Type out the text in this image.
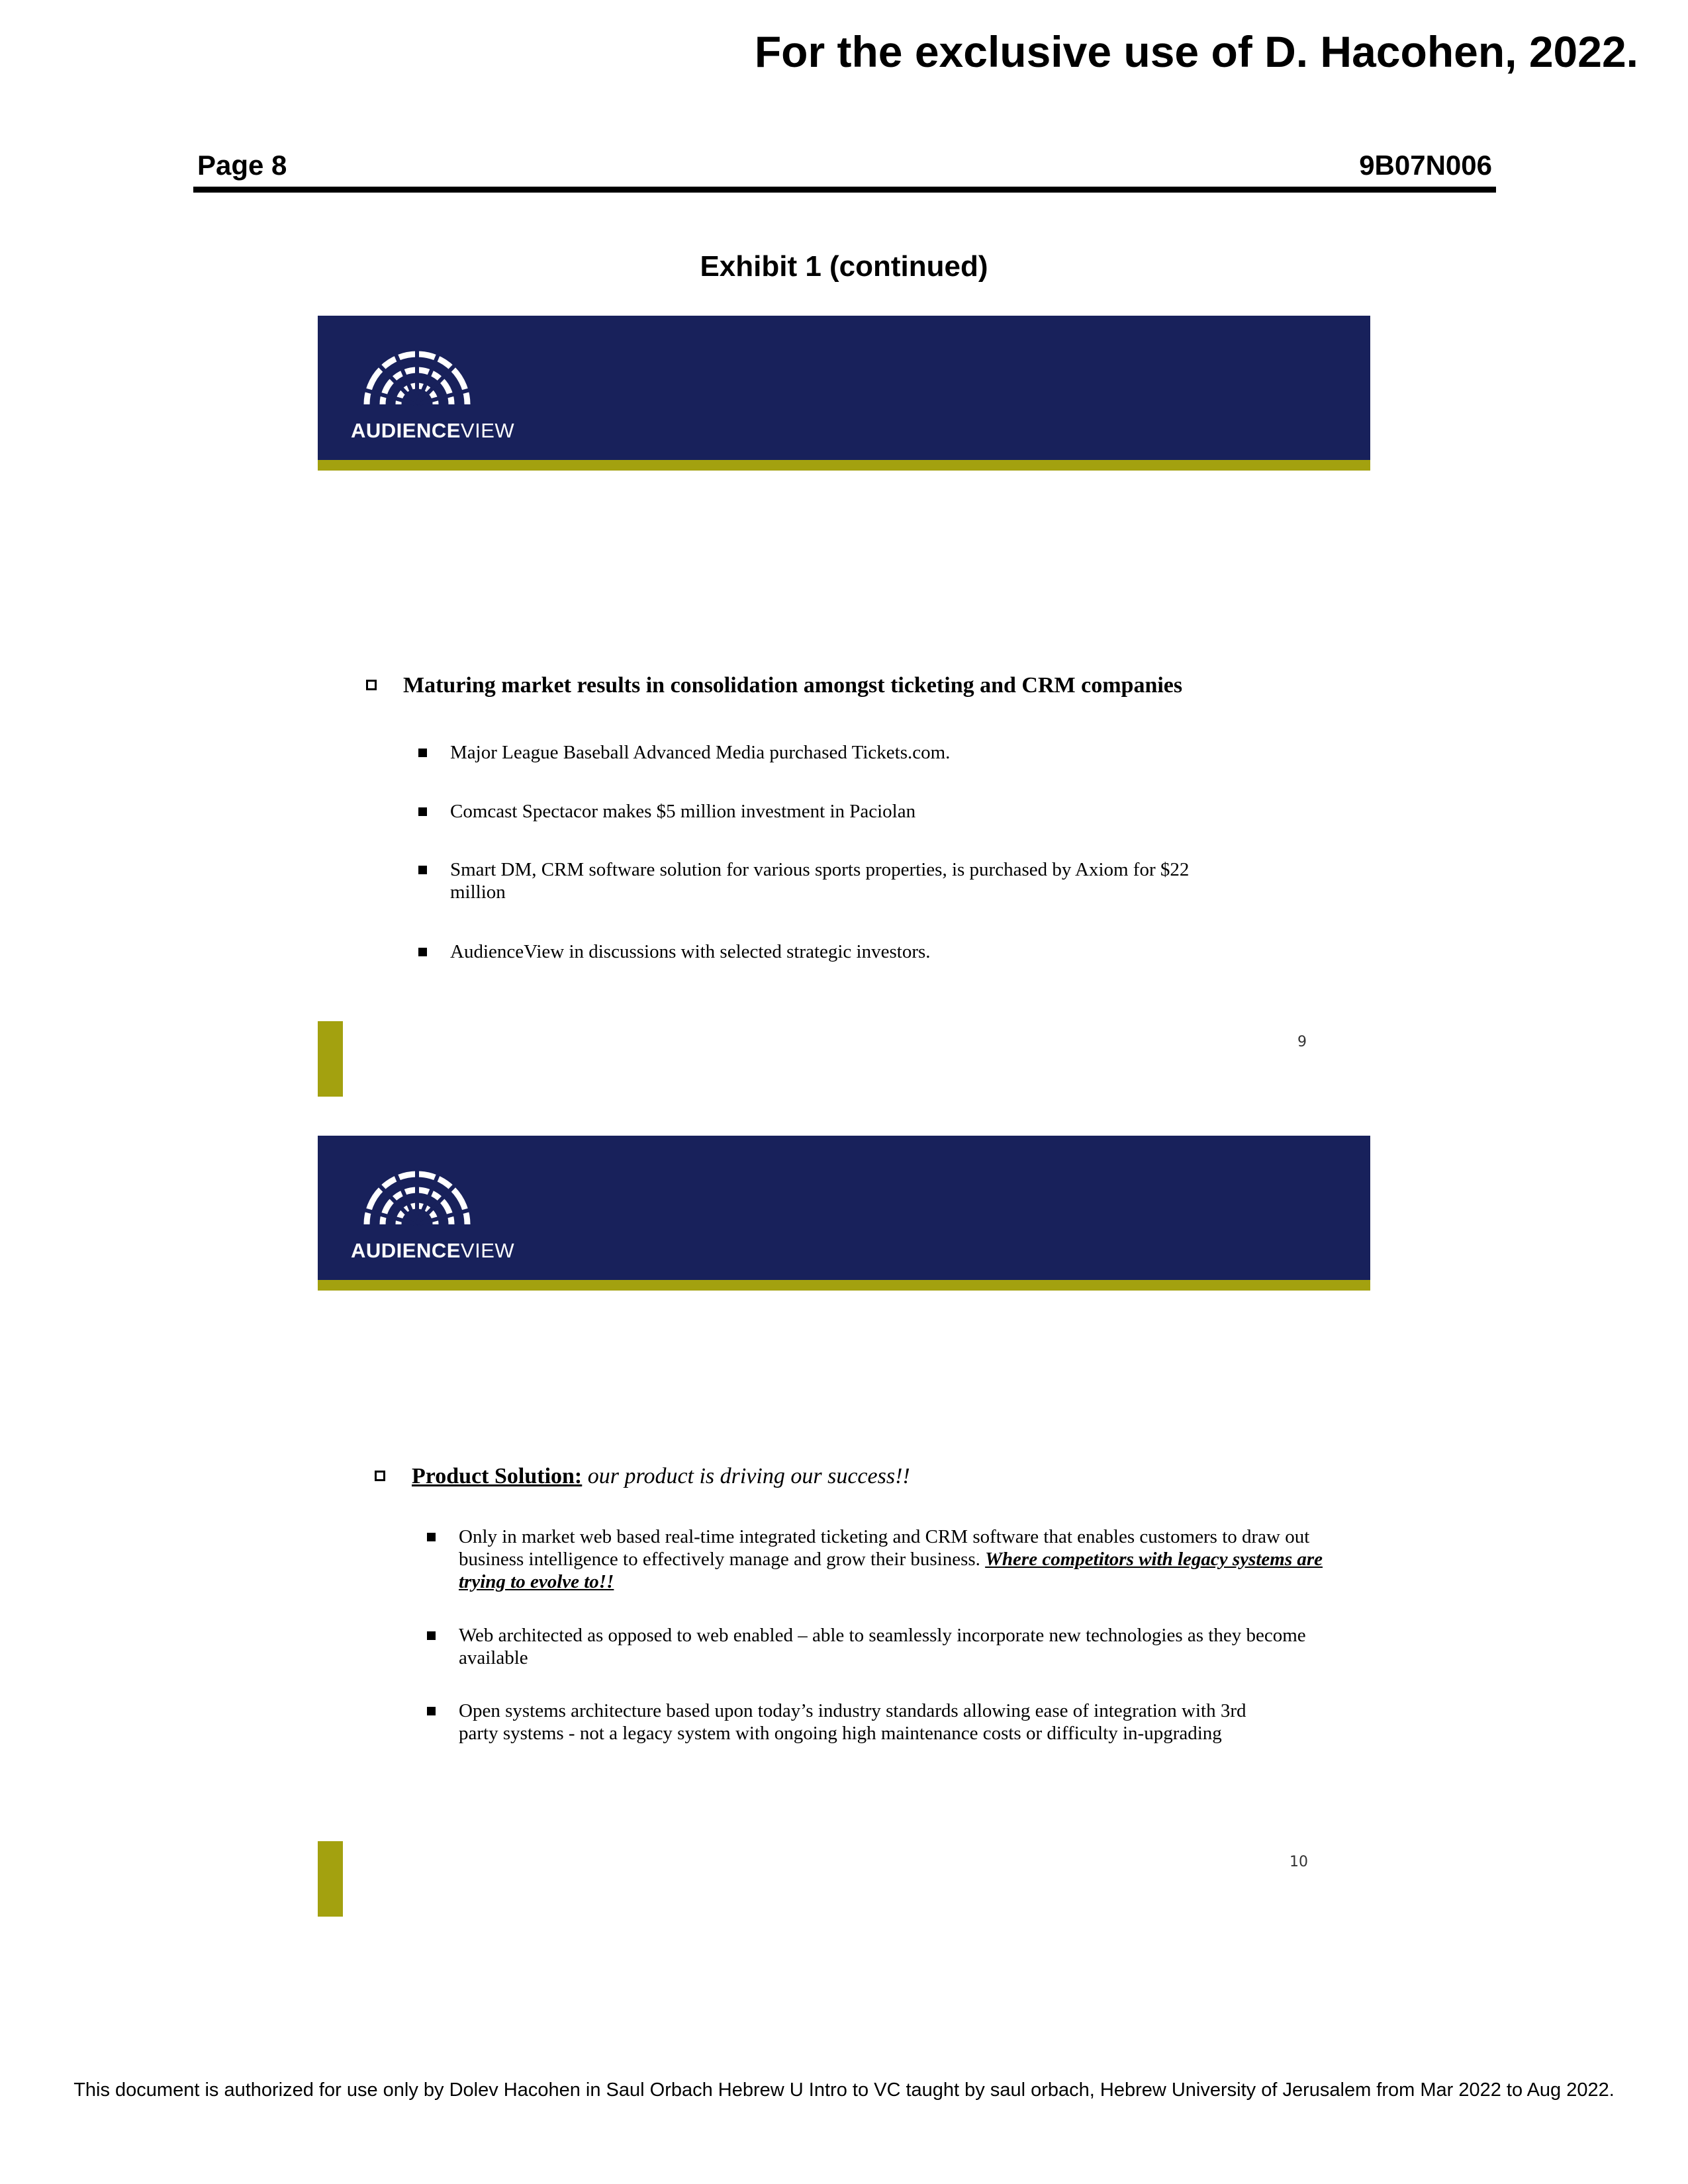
For the exclusive use of D. Hacohen, 2022.
Page 8	9B07N006
Exhibit 1 (continued)
AUDIENCEVIEW
Maturing market results in consolidation amongst ticketing and CRM companies
Major League Baseball Advanced Media purchased Tickets.com.
Comcast Spectacor makes $5 million investment in Paciolan
Smart DM, CRM software solution for various sports properties, is purchased by Axiom for $22 million
AudienceView in discussions with selected strategic investors.
9
AUDIENCEVIEW
Product Solution: our product is driving our success!!
Only in market web based real-time integrated ticketing and CRM software that enables customers to draw out business intelligence to effectively manage and grow their business. Where competitors with legacy systems are trying to evolve to!!
Web architected as opposed to web enabled – able to seamlessly incorporate new technologies as they become available
Open systems architecture based upon today’s industry standards allowing ease of integration with 3rd party systems - not a legacy system with ongoing high maintenance costs or difficulty in-upgrading
10
This document is authorized for use only by Dolev Hacohen in Saul Orbach Hebrew U Intro to VC taught by saul orbach, Hebrew University of Jerusalem from Mar 2022 to Aug 2022.
